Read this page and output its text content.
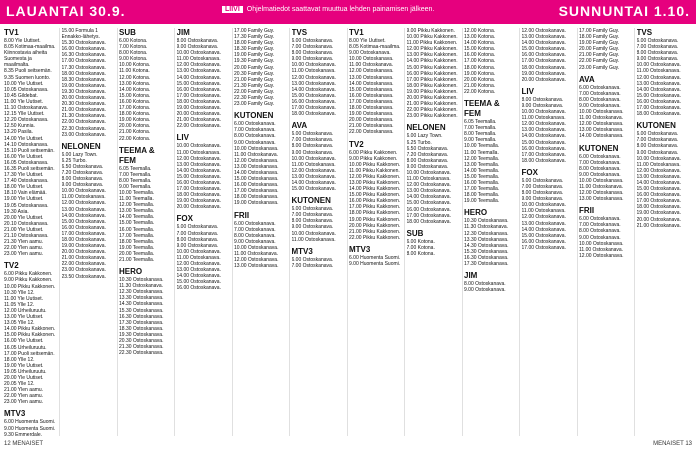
LAUANTAI 30.9.	LIIVI Ohjelmatiedot saattavat muuttua lehden painamisen jälkeen.	SUNNUNTAI 1.10.
TV1
8.00 Yle Uutiset.
8.05 Kotimaa-maailma. Kiinnostavia aiheita Suomesta ja maailmalta.
8.35 Puoli seitsemän.
9.35 Suomen luonto.
10.00 Yle Uutiset.
10.05 Ostoskanava.
10.45 Gildebat.
11.00 Yle Uutiset.
11.10 Ostoskanava.
12.15 Ylle Uutiset.
12.20 Ostoskanava.
12.50 Kunnia.
13.20 Pasila.
14.00 Yle Uutiset.
14.10 Ostoskanava.
15.10 Puoli seitsemän.
16.00 Yle Uutiset.
16.05 Ostoskanava.
16.35 Puoli seitsemän.
17.30 Yle Uutiset.
17.40 Ostoskanava.
18.00 Yle Uutiset.
18.10 Vain elämää.
19.00 Yle Uutiset.
19.05 Ostoskanava.
19.30 Asia.
20.00 Yle Uutiset.
20.10 Ostoskanava.
21.00 Yle Uutiset.
21.10 Ostoskanava.
21.30 Ylen aamu.
22.00 Ylen aamu.
23.00 Ylen aamu.
TV2
6.00 Pikku Kakkonen.
9.00 Pikku Kakkonen.
10.00 Pikku Kakkonen.
10.30 Ylle 12.
11.00 Yle Uutiset.
11.05 Ylle 12.
12.00 Urheiluruutu.
13.00 Yle Uutiset.
13.05 Ylle 12.
14.00 Pikku Kakkonen.
15.00 Pikku Kakkonen.
16.00 Yle Uutiset.
16.05 Urheiluruutu.
17.00 Puoli seitsemän.
18.00 Ylle 12.
19.00 Yle Uutiset.
19.05 Urheiluruutu.
20.00 Yle Uutiset.
20.05 Ylle 12.
21.00 Ylen aamu.
22.00 Ylen aamu.
23.00 Ylen aamu.
MTV3
6.00 Huomenta Suomi.
9.00 Huomenta Suomi.
9.30 Emmerdale.
15.00 Formula 1 Ennakko-lähetys.
15.30 Ostoskanava.
16.00 Ostoskanava.
16.30 Ostoskanava.
17.00 Ostoskanava.
17.30 Ostoskanava.
18.00 Ostoskanava.
18.30 Ostoskanava.
19.00 Ostoskanava.
19.30 Ostoskanava.
20.00 Ostoskanava.
20.30 Ostoskanava.
21.00 Ostoskanava.
21.30 Ostoskanava.
22.00 Ostoskanava.
22.30 Ostoskanava.
23.00 Ostoskanava.
NELONEN
6.00 Lazy Town.
6.25 Turbo.
6.50 Ostoskanava.
7.20 Ostoskanava.
8.00 Ostoskanava.
9.00 Ostoskanava.
10.00 Ostoskanava.
11.00 Ostoskanava.
12.00 Ostoskanava.
13.00 Ostoskanava.
14.00 Ostoskanava.
15.00 Ostoskanava.
16.00 Ostoskanava.
17.00 Ostoskanava.
18.00 Ostoskanava.
19.00 Ostoskanava.
20.00 Ostoskanava.
21.00 Ostoskanava.
22.00 Ostoskanava.
23.00 Ostoskanava.
23.50 Ostoskanava.
SUB
6.00 Kotona.
7.00 Kotona.
8.00 Kotona.
9.00 Kotona.
10.00 Kotona.
11.00 Kotona.
12.00 Kotona.
13.00 Kotona.
14.00 Kotona.
15.00 Kotona.
16.00 Kotona.
17.00 Kotona.
18.00 Kotona.
19.00 Kotona.
20.00 Kotona.
21.00 Kotona.
22.00 Kotona.
TEEMA & FEM
6.05 Teemalla.
7.00 Teemalla.
8.00 Teemalla.
9.00 Teemalla.
10.00 Teemalla.
11.00 Teemalla.
12.00 Teemalla.
13.00 Teemalla.
14.00 Teemalla.
15.00 Teemalla.
16.00 Teemalla.
17.00 Teemalla.
18.00 Teemalla.
19.00 Teemalla.
20.00 Teemalla.
21.00 Teemalla.
HERO
10.30 Ostoskanava.
11.30 Ostoskanava.
12.30 Ostoskanava.
13.30 Ostoskanava.
14.30 Ostoskanava.
15.30 Ostoskanava.
16.30 Ostoskanava.
17.30 Ostoskanava.
18.30 Ostoskanava.
19.30 Ostoskanava.
20.30 Ostoskanava.
21.30 Ostoskanava.
22.30 Ostoskanava.
JIM
8.00 Ostoskanava.
9.00 Ostoskanava.
10.00 Ostoskanava.
11.00 Ostoskanava.
12.00 Ostoskanava.
13.00 Ostoskanava.
14.00 Ostoskanava.
15.00 Ostoskanava.
16.00 Ostoskanava.
17.00 Ostoskanava.
18.00 Ostoskanava.
19.00 Ostoskanava.
20.00 Ostoskanava.
21.00 Ostoskanava.
22.00 Ostoskanava.
LIV
10.00 Ostoskanava.
11.00 Ostoskanava.
12.00 Ostoskanava.
13.00 Ostoskanava.
14.00 Ostoskanava.
15.00 Ostoskanava.
16.00 Ostoskanava.
17.00 Ostoskanava.
18.00 Ostoskanava.
19.00 Ostoskanava.
20.00 Ostoskanava.
FOX
6.00 Ostoskanava.
7.00 Ostoskanava.
8.00 Ostoskanava.
9.00 Ostoskanava.
10.00 Ostoskanava.
11.00 Ostoskanava.
12.00 Ostoskanava.
13.00 Ostoskanava.
14.00 Ostoskanava.
15.00 Ostoskanava.
16.00 Ostoskanava.
17.00 Family Guy.
17.30 Family Guy.
18.00 Family Guy.
18.30 Family Guy.
19.00 Family Guy.
19.30 Family Guy.
20.00 Family Guy.
20.30 Family Guy.
21.00 Family Guy.
21.30 Family Guy.
22.00 Family Guy.
22.30 Family Guy.
23.00 Family Guy.
KUTONEN
6.00 Ostoskanava.
7.00 Ostoskanava.
8.00 Ostoskanava.
9.00 Ostoskanava.
10.00 Ostoskanava.
11.00 Ostoskanava.
12.00 Ostoskanava.
13.00 Ostoskanava.
14.00 Ostoskanava.
15.00 Ostoskanava.
16.00 Ostoskanava.
17.00 Ostoskanava.
18.00 Ostoskanava.
19.00 Ostoskanava.
FRII
6.00 Ostoskanava.
7.00 Ostoskanava.
8.00 Ostoskanava.
9.00 Ostoskanava.
10.00 Ostoskanava.
11.00 Ostoskanava.
12.00 Ostoskanava.
13.00 Ostoskanava.
TVS
6.00 Ostoskanava.
7.00 Ostoskanava.
8.00 Ostoskanava.
9.00 Ostoskanava.
10.00 Ostoskanava.
11.00 Ostoskanava.
12.00 Ostoskanava.
13.00 Ostoskanava.
14.00 Ostoskanava.
15.00 Ostoskanava.
16.00 Ostoskanava.
17.00 Ostoskanava.
18.00 Ostoskanava.
AVA
6.00 Ostoskanava.
7.00 Ostoskanava.
8.00 Ostoskanava.
9.00 Ostoskanava.
10.00 Ostoskanava.
11.00 Ostoskanava.
12.00 Ostoskanava.
13.00 Ostoskanava.
14.00 Ostoskanava.
15.00 Ostoskanava.
KUTONEN
6.00 Ostoskanava.
7.00 Ostoskanava.
8.00 Ostoskanava.
9.00 Ostoskanava.
10.00 Ostoskanava.
11.00 Ostoskanava.
MTV3
6.00 Ostoskanava.
7.00 Ostoskanava.
TV1
8.00 Yle Uutiset.
8.05 Kotimaa-maailma.
9.00 Ostoskanava.
10.00 Ostoskanava.
11.00 Ostoskanava.
12.00 Ostoskanava.
13.00 Ostoskanava.
14.00 Ostoskanava.
15.00 Ostoskanava.
16.00 Ostoskanava.
17.00 Ostoskanava.
18.00 Ostoskanava.
19.00 Ostoskanava.
20.00 Ostoskanava.
21.00 Ostoskanava.
22.00 Ostoskanava.
TV2
6.00 Pikku Kakkonen.
9.00 Pikku Kakkonen.
10.00 Pikku Kakkonen.
11.00 Pikku Kakkonen.
12.00 Pikku Kakkonen.
13.00 Pikku Kakkonen.
14.00 Pikku Kakkonen.
15.00 Pikku Kakkonen.
16.00 Pikku Kakkonen.
17.00 Pikku Kakkonen.
18.00 Pikku Kakkonen.
19.00 Pikku Kakkonen.
20.00 Pikku Kakkonen.
21.00 Pikku Kakkonen.
22.00 Pikku Kakkonen.
MTV3
6.00 Huomenta Suomi.
9.00 Huomenta Suomi.
9.00 Pikku Kakkonen.
10.00 Pikku Kakkonen.
11.00 Pikku Kakkonen.
12.00 Pikku Kakkonen.
13.00 Pikku Kakkonen.
14.00 Pikku Kakkonen.
15.00 Pikku Kakkonen.
16.00 Pikku Kakkonen.
17.00 Pikku Kakkonen.
18.00 Pikku Kakkonen.
19.00 Pikku Kakkonen.
20.00 Pikku Kakkonen.
21.00 Pikku Kakkonen.
22.00 Pikku Kakkonen.
23.00 Pikku Kakkonen.
NELONEN
6.00 Lazy Town.
6.25 Turbo.
6.50 Ostoskanava.
7.20 Ostoskanava.
8.00 Ostoskanava.
9.00 Ostoskanava.
10.00 Ostoskanava.
11.00 Ostoskanava.
12.00 Ostoskanava.
13.00 Ostoskanava.
14.00 Ostoskanava.
15.00 Ostoskanava.
16.00 Ostoskanava.
17.00 Ostoskanava.
18.00 Ostoskanava.
SUB
6.00 Kotona.
7.00 Kotona.
8.00 Kotona.
12.00 Kotona.
13.00 Kotona.
14.00 Kotona.
15.00 Kotona.
16.00 Kotona.
17.00 Kotona.
18.00 Kotona.
19.00 Kotona.
20.00 Kotona.
21.00 Kotona.
22.00 Kotona.
TEEMA & FEM
6.05 Teemalla.
7.00 Teemalla.
8.00 Teemalla.
9.00 Teemalla.
10.00 Teemalla.
11.00 Teemalla.
12.00 Teemalla.
13.00 Teemalla.
14.00 Teemalla.
15.00 Teemalla.
16.00 Teemalla.
17.00 Teemalla.
18.00 Teemalla.
19.00 Teemalla.
HERO
10.30 Ostoskanava.
11.30 Ostoskanava.
12.30 Ostoskanava.
13.30 Ostoskanava.
14.30 Ostoskanava.
15.30 Ostoskanava.
16.30 Ostoskanava.
17.30 Ostoskanava.
JIM
8.00 Ostoskanava.
9.00 Ostoskanava.
12.00 Ostoskanava.
13.00 Ostoskanava.
14.00 Ostoskanava.
15.00 Ostoskanava.
16.00 Ostoskanava.
17.00 Ostoskanava.
18.00 Ostoskanava.
19.00 Ostoskanava.
20.00 Ostoskanava.
LIV
8.00 Ostoskanava.
9.00 Ostoskanava.
10.00 Ostoskanava.
11.00 Ostoskanava.
12.00 Ostoskanava.
13.00 Ostoskanava.
14.00 Ostoskanava.
15.00 Ostoskanava.
16.00 Ostoskanava.
17.00 Ostoskanava.
18.00 Ostoskanava.
FOX
6.00 Ostoskanava.
7.00 Ostoskanava.
8.00 Ostoskanava.
9.00 Ostoskanava.
10.00 Ostoskanava.
11.00 Ostoskanava.
12.00 Ostoskanava.
13.00 Ostoskanava.
14.00 Ostoskanava.
15.00 Ostoskanava.
16.00 Ostoskanava.
17.00 Ostoskanava.
17.00 Family Guy.
18.00 Family Guy.
19.00 Family Guy.
20.00 Family Guy.
21.00 Family Guy.
22.00 Family Guy.
23.00 Family Guy.
AVA
6.00 Ostoskanava.
7.00 Ostoskanava.
8.00 Ostoskanava.
9.00 Ostoskanava.
10.00 Ostoskanava.
11.00 Ostoskanava.
12.00 Ostoskanava.
13.00 Ostoskanava.
14.00 Ostoskanava.
KUTONEN
6.00 Ostoskanava.
7.00 Ostoskanava.
8.00 Ostoskanava.
9.00 Ostoskanava.
10.00 Ostoskanava.
11.00 Ostoskanava.
12.00 Ostoskanava.
13.00 Ostoskanava.
FRII
6.00 Ostoskanava.
7.00 Ostoskanava.
8.00 Ostoskanava.
9.00 Ostoskanava.
10.00 Ostoskanava.
11.00 Ostoskanava.
12.00 Ostoskanava.
TVS
6.00 Ostoskanava.
7.00 Ostoskanava.
8.00 Ostoskanava.
9.00 Ostoskanava.
10.00 Ostoskanava.
11.00 Ostoskanava.
12.00 Ostoskanava.
13.00 Ostoskanava.
14.00 Ostoskanava.
15.00 Ostoskanava.
16.00 Ostoskanava.
17.00 Ostoskanava.
18.00 Ostoskanava.
KUTONEN
6.00 Ostoskanava.
7.00 Ostoskanava.
8.00 Ostoskanava.
9.00 Ostoskanava.
10.00 Ostoskanava.
11.00 Ostoskanava.
12.00 Ostoskanava.
13.00 Ostoskanava.
14.00 Ostoskanava.
15.00 Ostoskanava.
16.00 Ostoskanava.
17.00 Ostoskanava.
18.00 Ostoskanava.
19.00 Ostoskanava.
20.00 Ostoskanava.
21.00 Ostoskanava.
12 MENAISET	MENAISET 13
